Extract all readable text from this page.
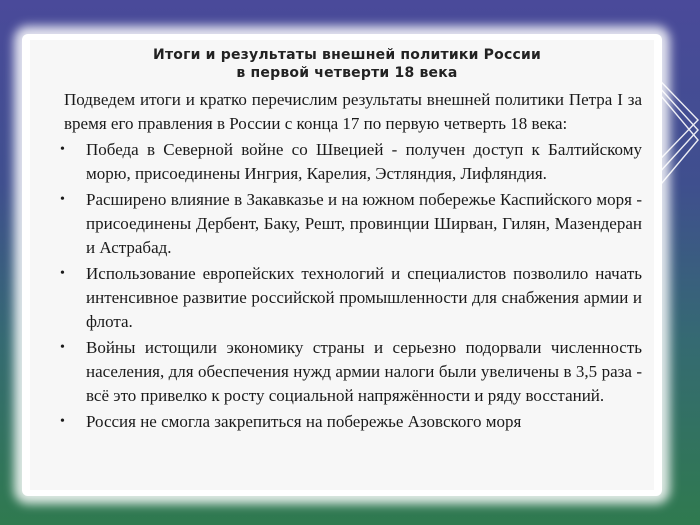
Итоги и результаты внешней политики России
в первой четверти 18 века

Подведем итоги и кратко перечислим результаты внешней политики Петра I за время его правления в России с конца 17 по первую четверть 18 века:

• Победа в Северной войне со Швецией - получен доступ к Балтийскому морю, присоединены Ингрия, Карелия, Эстляндия, Лифляндия.
• Расширено влияние в Закавказье и на южном побережье Каспийского моря - присоединены Дербент, Баку, Решт, провинции Ширван, Гилян, Мазендеран и Астрабад.
• Использование европейских технологий и специалистов позволило начать интенсивное развитие российской промышленности для снабжения армии и флота.
• Войны истощили экономику страны и серьезно подорвали численность населения, для обеспечения нужд армии налоги были увеличены в 3,5 раза - всё это привелко к росту социальной напряжённости и ряду восстаний.
• Россия не смогла закрепиться на побережье Азовского моря
